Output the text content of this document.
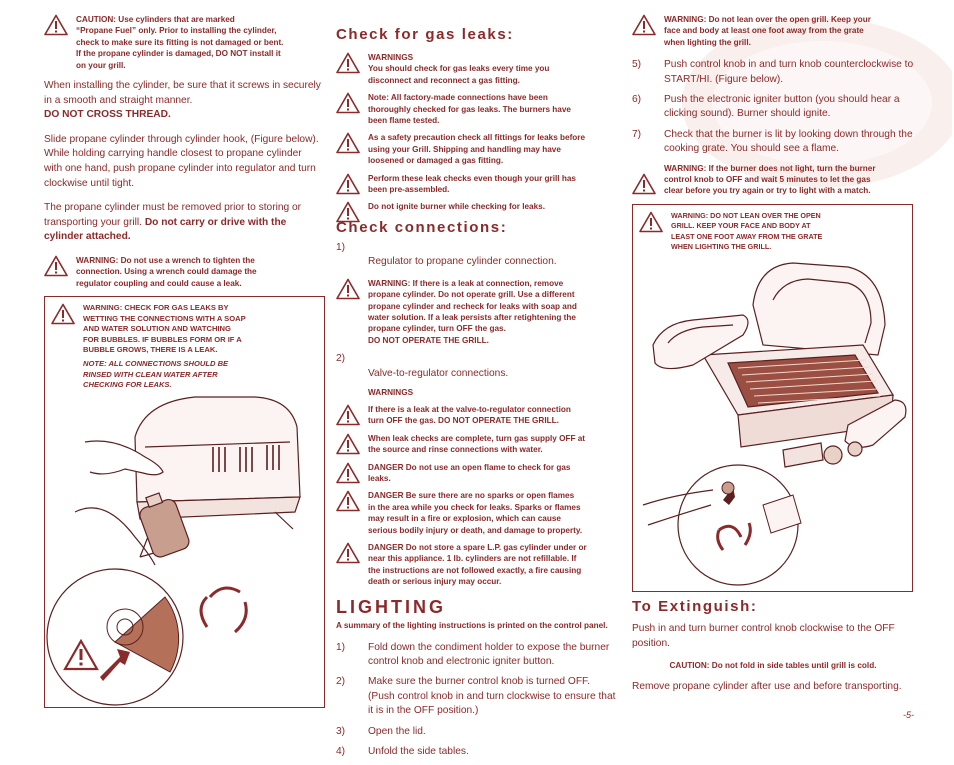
CAUTION: Use cylinders that are marked
“Propane Fuel” only. Prior to installing the cylinder,
check to make sure its fitting is not damaged or bent.
If the propane cylinder is damaged, DO NOT install it
on your grill.

When installing the cylinder, be sure that it screws in securely in a smooth and straight manner.
DO NOT CROSS THREAD.

Slide propane cylinder through cylinder hook, (Figure below). While holding carrying handle closest to propane cylinder with one hand, push propane cylinder into regulator and turn clockwise until tight.

The propane cylinder must be removed prior to storing or transporting your grill. Do not carry or drive with the cylinder attached.

WARNING: Do not use a wrench to tighten the
connection. Using a wrench could damage the
regulator coupling and could cause a leak.
WARNING: CHECK FOR GAS LEAKS BY
WETTING THE CONNECTIONS WITH A SOAP
AND WATER SOLUTION AND WATCHING
FOR BUBBLES. IF BUBBLES FORM OR IF A
BUBBLE GROWS, THERE IS A LEAK.
NOTE: ALL CONNECTIONS SHOULD BE
RINSED WITH CLEAN WATER AFTER
CHECKING FOR LEAKS.
Check for gas leaks:
WARNINGS
You should check for gas leaks every time you
disconnect and reconnect a gas fitting.
Note: All factory-made connections have been
thoroughly checked for gas leaks. The burners have
been flame tested.
As a safety precaution check all fittings for leaks before
using your Grill. Shipping and handling may have
loosened or damaged a gas fitting.
Perform these leak checks even though your grill has
been pre-assembled.
Do not ignite burner while checking for leaks.
Check connections:

1)
Regulator to propane cylinder connection.

WARNING: If there is a leak at connection, remove
propane cylinder. Do not operate grill. Use a different
propane cylinder and recheck for leaks with soap and
water solution. If a leak persists after retightening the
propane cylinder, turn OFF the gas.
DO NOT OPERATE THE GRILL.

2)
Valve-to-regulator connections.

WARNINGS
If there is a leak at the valve-to-regulator connection
turn OFF the gas. DO NOT OPERATE THE GRILL.
When leak checks are complete, turn gas supply OFF at
the source and rinse connections with water.
DANGER Do not use an open flame to check for gas
leaks.
DANGER Be sure there are no sparks or open flames
in the area while you check for leaks. Sparks or flames
may result in a fire or explosion, which can cause
serious bodily injury or death, and damage to property.
DANGER Do not store a spare L.P. gas cylinder under or
near this appliance. 1 lb. cylinders are not refillable. If
the instructions are not followed exactly, a fire causing
death or serious injury may occur.
LIGHTING
A summary of the lighting instructions is printed on the control panel.
1) Fold down the condiment holder to expose the burner control knob and electronic igniter button.
2) Make sure the burner control knob is turned OFF. (Push control knob in and turn clockwise to ensure that it is in the OFF position.)
3) Open the lid.
4) Unfold the side tables.
WARNING: Do not lean over the open grill. Keep your
face and body at least one foot away from the grate
when lighting the grill.
5) Push control knob in and turn knob counterclockwise to START/HI. (Figure below).
6) Push the electronic igniter button (you should hear a clicking sound). Burner should ignite.
7) Check that the burner is lit by looking down through the cooking grate. You should see a flame.
WARNING: If the burner does not light, turn the burner
control knob to OFF and wait 5 minutes to let the gas
clear before you try again or try to light with a match.
WARNING: DO NOT LEAN OVER THE OPEN
GRILL. KEEP YOUR FACE AND BODY AT
LEAST ONE FOOT AWAY FROM THE GRATE
WHEN LIGHTING THE GRILL.
To Extinguish:

Push in and turn burner control knob clockwise to the OFF position.

CAUTION: Do not fold in side tables until grill is cold.

Remove propane cylinder after use and before transporting.

-5-
